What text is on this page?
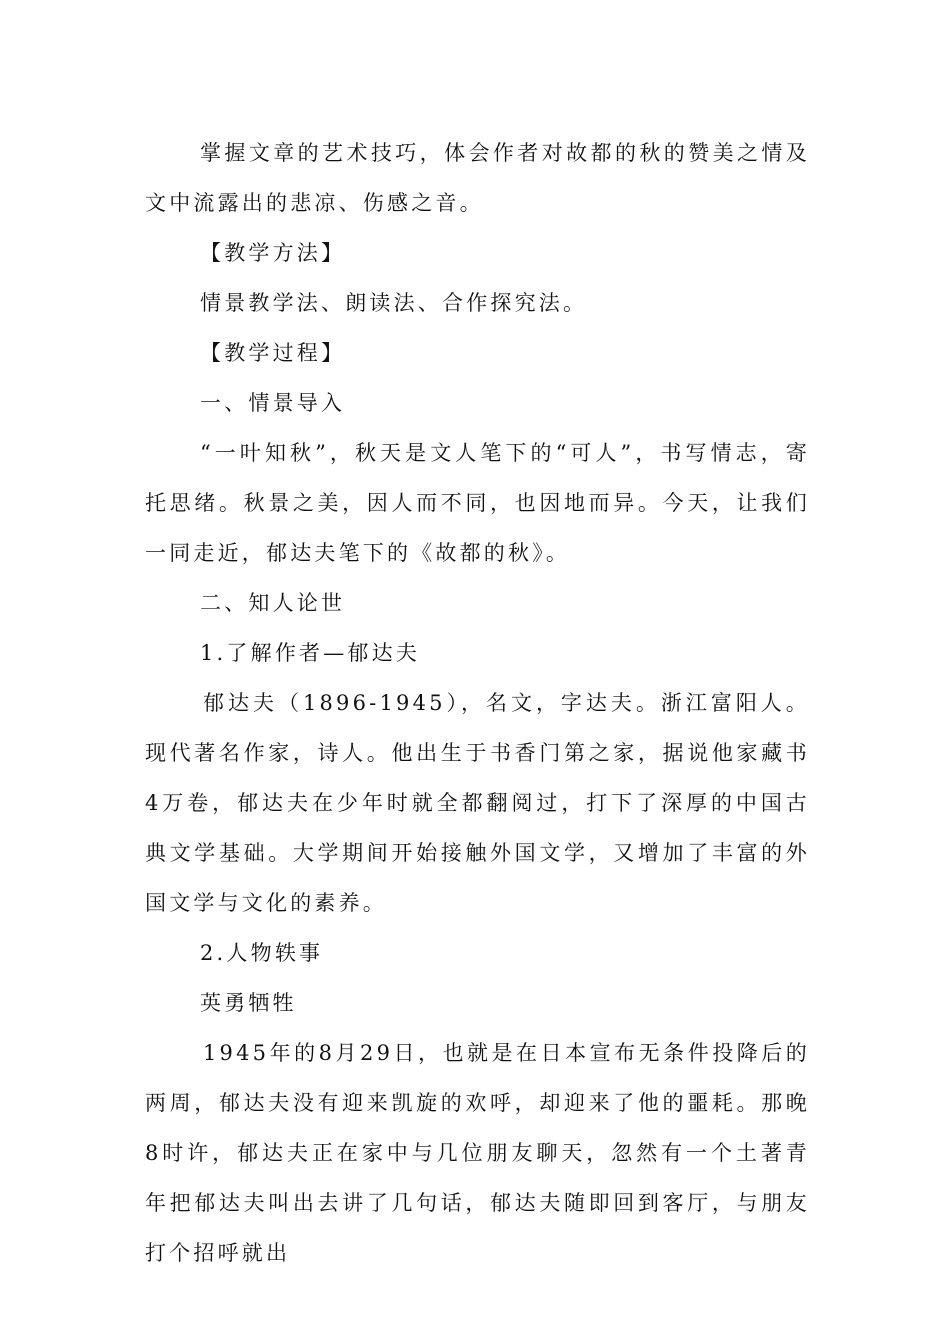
掌握文章的艺术技巧，体会作者对故都的秋的赞美之情及文中流露出的悲凉、伤感之音。

【教学方法】

情景教学法、朗读法、合作探究法。

【教学过程】

一、情景导入

“一叶知秋”，秋天是文人笔下的“可人”，书写情志，寄托思绪。秋景之美，因人而不同，也因地而异。今天，让我们一同走近，郁达夫笔下的《故都的秋》。

二、知人论世

1.了解作者—郁达夫

郁达夫（1896-1945），名文，字达夫。浙江富阳人。现代著名作家，诗人。他出生于书香门第之家，据说他家藏书4万卷，郁达夫在少年时就全都翻阅过，打下了深厚的中国古典文学基础。大学期间开始接触外国文学，又增加了丰富的外国文学与文化的素养。

2.人物轶事

英勇牺牲

1945年的8月29日，也就是在日本宣布无条件投降后的两周，郁达夫没有迎来凯旋的欢呼，却迎来了他的噩耗。那晚8时许，郁达夫正在家中与几位朋友聊天，忽然有一个土著青年把郁达夫叫出去讲了几句话，郁达夫随即回到客厅，与朋友打个招呼就出
